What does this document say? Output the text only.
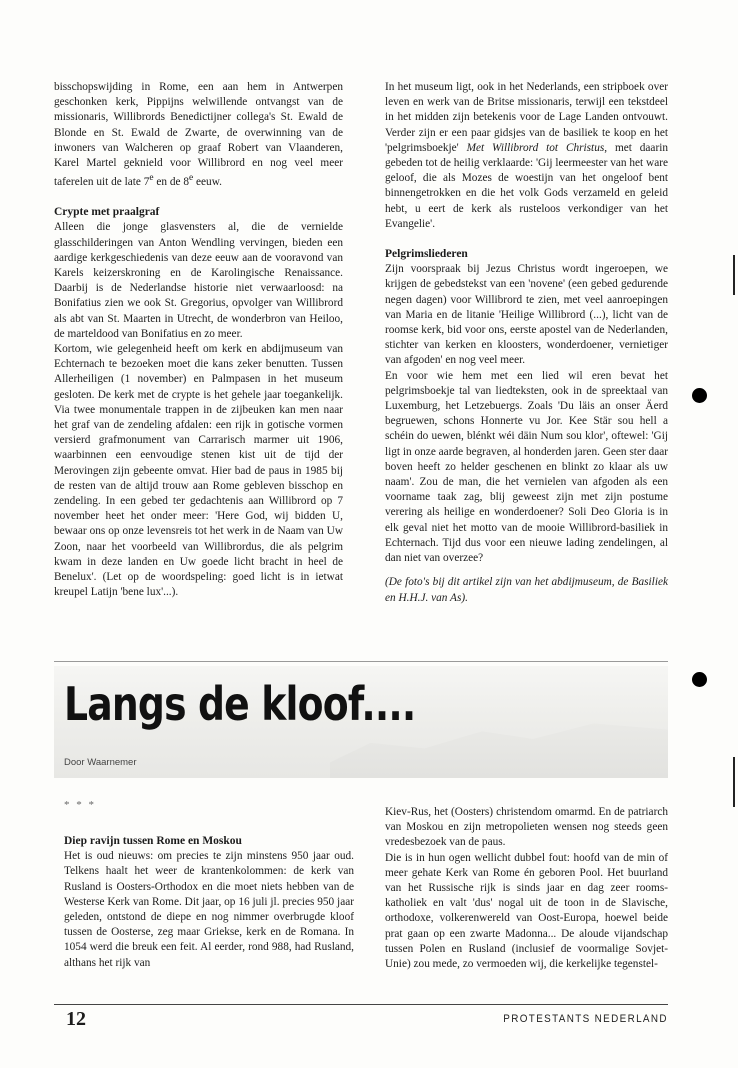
bisschopswijding in Rome, een aan hem in Antwerpen geschonken kerk, Pippijns welwillende ontvangst van de missionaris, Willibrords Benedictijner collega's St. Ewald de Blonde en St. Ewald de Zwarte, de overwinning van de inwoners van Walcheren op graaf Robert van Vlaanderen, Karel Martel geknield voor Willibrord en nog veel meer taferelen uit de late 7e en de 8e eeuw.

Crypte met praalgraf

Alleen die jonge glasvensters al, die de vernielde glasschilderingen van Anton Wendling vervingen, bieden een aardige kerkgeschiedenis van deze eeuw aan de vooravond van Karels keizerskroning en de Karolingische Renaissance. Daarbij is de Nederlandse historie niet verwaarloosd: na Bonifatius zien we ook St. Gregorius, opvolger van Willibrord als abt van St. Maarten in Utrecht, de wonderbron van Heiloo, de marteldood van Bonifatius en zo meer.

Kortom, wie gelegenheid heeft om kerk en abdijmuseum van Echternach te bezoeken moet die kans zeker benutten. Tussen Allerheiligen (1 november) en Palmpasen in het museum gesloten. De kerk met de crypte is het gehele jaar toegankelijk. Via twee monumentale trappen in de zijbeuken kan men naar het graf van de zendeling afdalen: een rijk in gotische vormen versierd grafmonument van Carrarisch marmer uit 1906, waarbinnen een eenvoudige stenen kist uit de tijd der Merovingen zijn gebeente omvat. Hier bad de paus in 1985 bij de resten van de altijd trouw aan Rome gebleven bisschop en zendeling. In een gebed ter gedachtenis aan Willibrord op 7 november heet het onder meer: 'Here God, wij bidden U, bewaar ons op onze levensreis tot het werk in de Naam van Uw Zoon, naar het voorbeeld van Willibrordus, die als pelgrim kwam in deze landen en Uw goede licht bracht in heel de Benelux'. (Let op de woordspeling: goed licht is in ietwat kreupel Latijn 'bene lux'...).

In het museum ligt, ook in het Nederlands, een stripboek over leven en werk van de Britse missionaris, terwijl een tekstdeel in het midden zijn betekenis voor de Lage Landen ontvouwt. Verder zijn er een paar gidsjes van de basiliek te koop en het 'pelgrimsboekje' Met Willibrord tot Christus, met daarin gebeden tot de heilig verklaarde: 'Gij leermeester van het ware geloof, die als Mozes de woestijn van het ongeloof bent binnengetrokken en die het volk Gods verzameld en geleid hebt, u eert de kerk als rusteloos verkondiger van het Evangelie'.

Pelgrimsliederen

Zijn voorspraak bij Jezus Christus wordt ingeroepen, we krijgen de gebedstekst van een 'novene' (een gebed gedurende negen dagen) voor Willibrord te zien, met veel aanroepingen van Maria en de litanie 'Heilige Willibrord (...), licht van de roomse kerk, bid voor ons, eerste apostel van de Nederlanden, stichter van kerken en kloosters, wonderdoener, vernietiger van afgoden' en nog veel meer.

En voor wie hem met een lied wil eren bevat het pelgrimsboekje tal van liedteksten, ook in de spreektaal van Luxemburg, het Letzebuergs. Zoals 'Du läis an onser Äerd begruewen, schons Honnerte vu Jor. Kee Stär sou hell a schéin do uewen, blénkt wéi däin Num sou klor', oftewel: 'Gij ligt in onze aarde begraven, al honderden jaren. Geen ster daar boven heeft zo helder geschenen en blinkt zo klaar als uw naam'. Zou de man, die het vernielen van afgoden als een voorname taak zag, blij geweest zijn met zijn postume verering als heilige en wonderdoener? Soli Deo Gloria is in elk geval niet het motto van de mooie Willibrord-basiliek in Echternach. Tijd dus voor een nieuwe lading zendelingen, al dan niet van overzee?

(De foto's bij dit artikel zijn van het abdijmuseum, de Basiliek en H.H.J. van As).

Langs de kloof....
Door Waarnemer
* * *
Diep ravijn tussen Rome en Moskou

Het is oud nieuws: om precies te zijn minstens 950 jaar oud. Telkens haalt het weer de krantenkolommen: de kerk van Rusland is Oosters-Orthodox en die moet niets hebben van de Westerse Kerk van Rome. Dit jaar, op 16 juli jl. precies 950 jaar geleden, ontstond de diepe en nog nimmer overbrugde kloof tussen de Oosterse, zeg maar Griekse, kerk en de Romana. In 1054 werd die breuk een feit. Al eerder, rond 988, had Rusland, althans het rijk van

Kiev-Rus, het (Oosters) christendom omarmd. En de patriarch van Moskou en zijn metropolieten wensen nog steeds geen vredesbezoek van de paus.

Die is in hun ogen wellicht dubbel fout: hoofd van de min of meer gehate Kerk van Rome én geboren Pool. Het buurland van het Russische rijk is sinds jaar en dag zeer rooms-katholiek en valt 'dus' nogal uit de toon in de Slavische, orthodoxe, volkerenwereld van Oost-Europa, hoewel beide prat gaan op een zwarte Madonna... De aloude vijandschap tussen Polen en Rusland (inclusief de voormalige Sovjet-Unie) zou mede, zo vermoeden wij, die kerkelijke tegenstel-

12	PROTESTANTS NEDERLAND
